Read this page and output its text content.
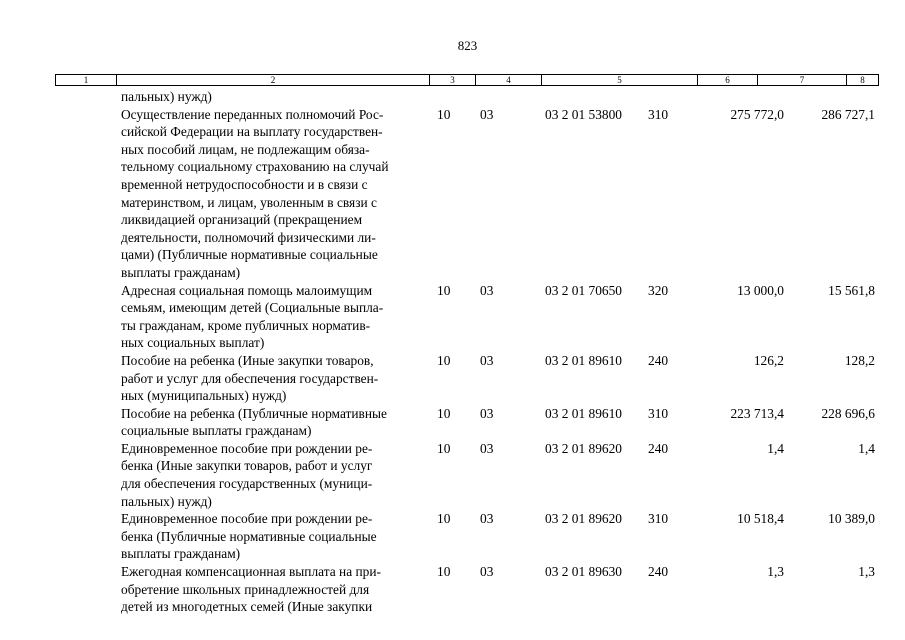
823
1	2	3	4	5	6	7	8
пальных) нужд)
Осуществление переданных полномочий Рос-
сийской Федерации на выплату государствен-
ных пособий лицам, не подлежащим обяза-
тельному социальному страхованию на случай
временной нетрудоспособности и в связи с
материнством, и лицам, уволенным в связи с
ликвидацией организаций (прекращением
деятельности, полномочий физическими ли-
цами) (Публичные нормативные социальные
выплаты гражданам)
10 03	03 2 01 53800 310	275 772,0	286 727,1
Адресная социальная помощь малоимущим
семьям, имеющим детей (Социальные выпла-
ты гражданам, кроме публичных норматив-
ных социальных выплат)
10 03	03 2 01 70650 320	13 000,0	15 561,8
Пособие на ребенка (Иные закупки товаров,
работ и услуг для обеспечения государствен-
ных (муниципальных) нужд)
10 03	03 2 01 89610 240	126,2	128,2
Пособие на ребенка (Публичные нормативные
социальные выплаты гражданам)
10 03	03 2 01 89610 310	223 713,4	228 696,6
Единовременное пособие при рождении ре-
бенка (Иные закупки товаров, работ и услуг
для обеспечения государственных (муници-
пальных) нужд)
10 03	03 2 01 89620 240	1,4	1,4
Единовременное пособие при рождении ре-
бенка (Публичные нормативные социальные
выплаты гражданам)
10 03	03 2 01 89620 310	10 518,4	10 389,0
Ежегодная компенсационная выплата на при-
обретение школьных принадлежностей для
детей из многодетных семей (Иные закупки
10 03	03 2 01 89630 240	1,3	1,3
